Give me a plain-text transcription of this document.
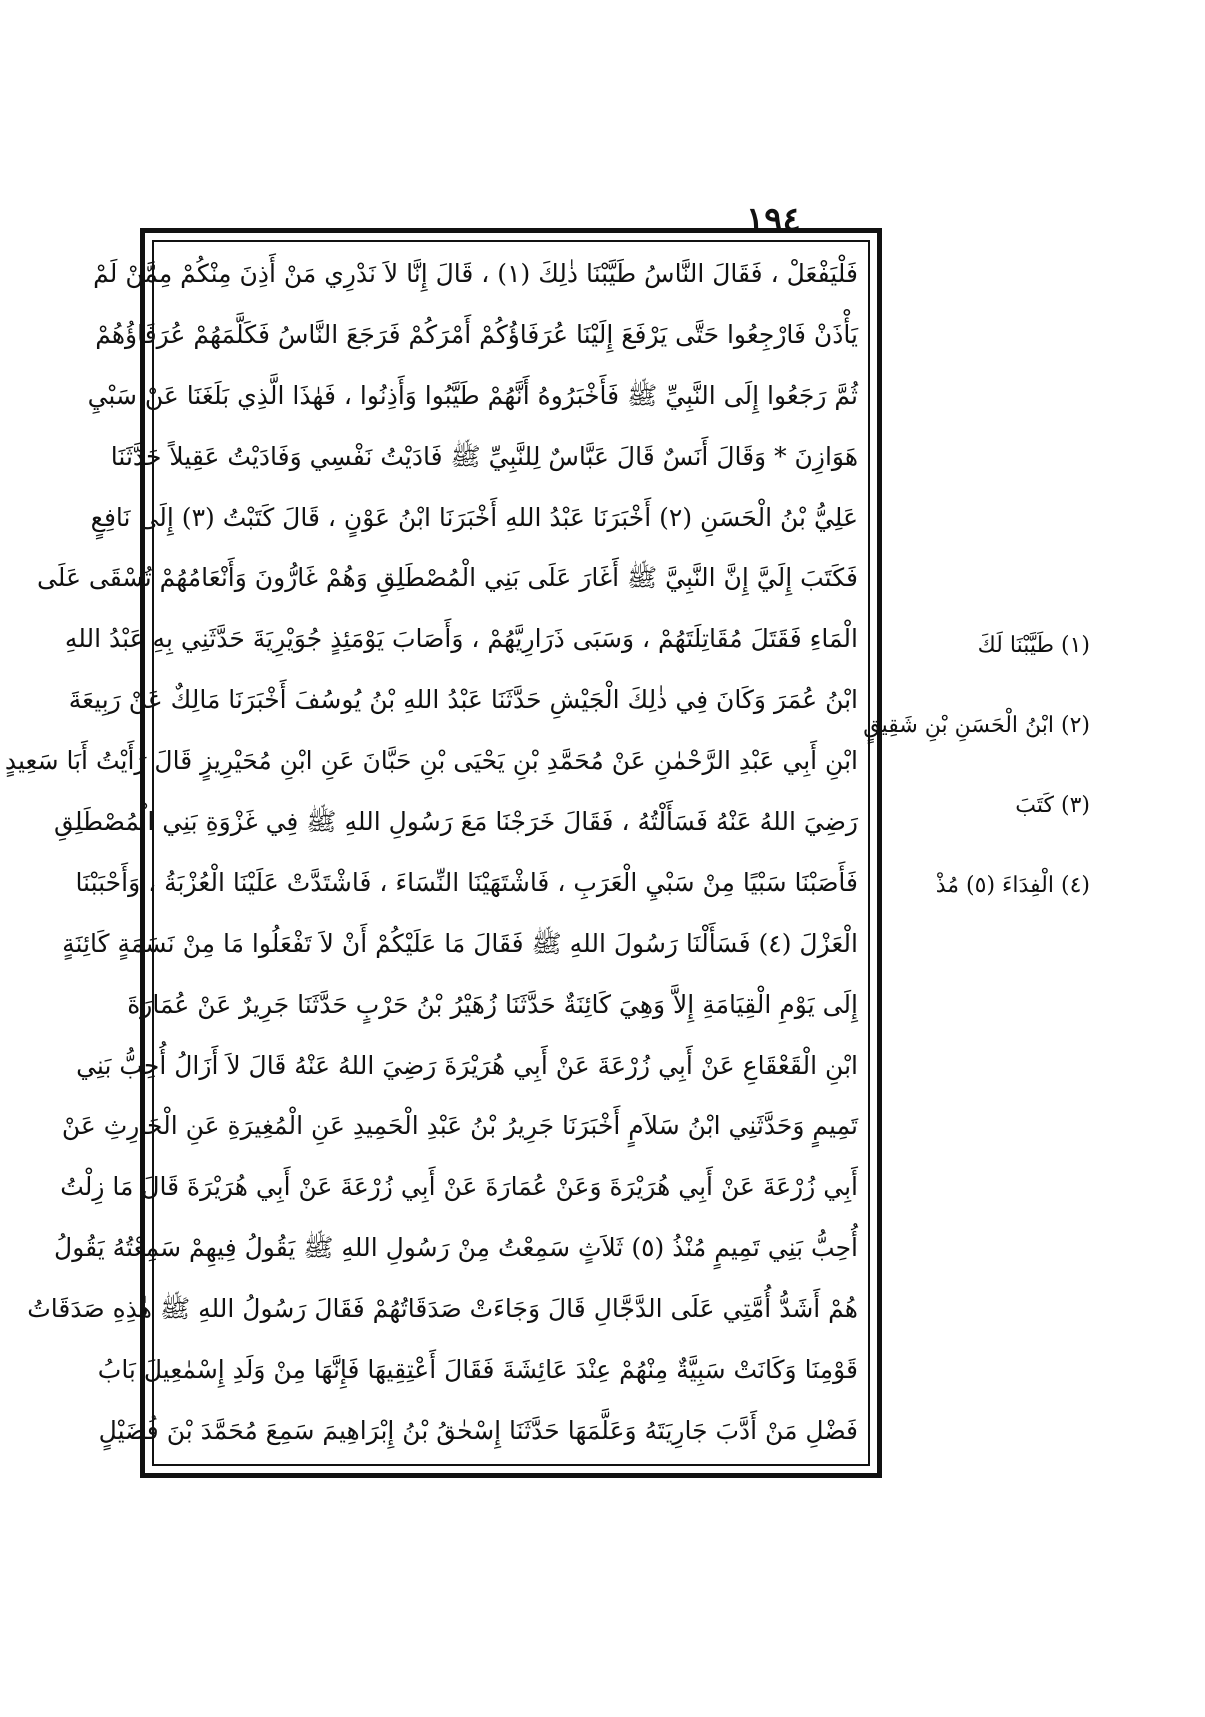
١٩٤
فَلْيَفْعَلْ ، فَقَالَ النَّاسُ طَيَّبْنَا ذٰلِكَ (١) ، قَالَ إِنَّا لاَ نَدْرِي مَنْ أَذِنَ مِنْكُمْ مِمَّنْ لَمْ
يَأْذَنْ فَارْجِعُوا حَتَّى يَرْفَعَ إِلَيْنَا عُرَفَاؤُكُمْ أَمْرَكُمْ فَرَجَعَ النَّاسُ فَكَلَّمَهُمْ عُرَفَاؤُهُمْ
ثُمَّ رَجَعُوا إِلَى النَّبِيِّ ﷺ فَأَخْبَرُوهُ أَنَّهُمْ طَيَّبُوا وَأَذِنُوا ، فَهٰذَا الَّذِي بَلَغَنَا عَنْ سَبْيِ
هَوَازِنَ * وَقَالَ أَنَسٌ قَالَ عَبَّاسٌ لِلنَّبِيِّ ﷺ فَادَيْتُ نَفْسِي وَفَادَيْتُ عَقِيلاً حَدَّثَنَا
عَلِيُّ بْنُ الْحَسَنِ (٢) أَخْبَرَنَا عَبْدُ اللهِ أَخْبَرَنَا ابْنُ عَوْنٍ ، قَالَ كَتَبْتُ (٣) إِلَى نَافِعٍ
فَكَتَبَ إِلَيَّ إِنَّ النَّبِيَّ ﷺ أَغَارَ عَلَى بَنِي الْمُصْطَلِقِ وَهُمْ غَارُّونَ وَأَنْعَامُهُمْ تُسْقَى عَلَى
الْمَاءِ فَقَتَلَ مُقَاتِلَتَهُمْ ، وَسَبَى ذَرَارِيَّهُمْ ، وَأَصَابَ يَوْمَئِذٍ جُوَيْرِيَةَ حَدَّثَنِي بِهِ عَبْدُ اللهِ
ابْنُ عُمَرَ وَكَانَ فِي ذٰلِكَ الْجَيْشِ حَدَّثَنَا عَبْدُ اللهِ بْنُ يُوسُفَ أَخْبَرَنَا مَالِكٌ عَنْ رَبِيعَةَ
ابْنِ أَبِي عَبْدِ الرَّحْمٰنِ عَنْ مُحَمَّدِ بْنِ يَحْيَى بْنِ حَبَّانَ عَنِ ابْنِ مُحَيْرِيزٍ قَالَ رَأَيْتُ أَبَا سَعِيدٍ
رَضِيَ اللهُ عَنْهُ فَسَأَلْتُهُ ، فَقَالَ خَرَجْنَا مَعَ رَسُولِ اللهِ ﷺ فِي غَزْوَةِ بَنِي الْمُصْطَلِقِ
فَأَصَبْنَا سَبْيًا مِنْ سَبْيِ الْعَرَبِ ، فَاشْتَهَيْنَا النِّسَاءَ ، فَاشْتَدَّتْ عَلَيْنَا الْعُزْبَةُ ، وَأَحْبَبْنَا
الْعَزْلَ (٤) فَسَأَلْنَا رَسُولَ اللهِ ﷺ فَقَالَ مَا عَلَيْكُمْ أَنْ لاَ تَفْعَلُوا مَا مِنْ نَسَمَةٍ كَائِنَةٍ
إِلَى يَوْمِ الْقِيَامَةِ إِلاَّ وَهِيَ كَائِنَةٌ حَدَّثَنَا زُهَيْرُ بْنُ حَرْبٍ حَدَّثَنَا جَرِيرٌ عَنْ عُمَارَةَ
ابْنِ الْقَعْقَاعِ عَنْ أَبِي زُرْعَةَ عَنْ أَبِي هُرَيْرَةَ رَضِيَ اللهُ عَنْهُ قَالَ لاَ أَزَالُ أُحِبُّ بَنِي
تَمِيمٍ وَحَدَّثَنِي ابْنُ سَلاَمٍ أَخْبَرَنَا جَرِيرُ بْنُ عَبْدِ الْحَمِيدِ عَنِ الْمُغِيرَةِ عَنِ الْحَارِثِ عَنْ
أَبِي زُرْعَةَ عَنْ أَبِي هُرَيْرَةَ وَعَنْ عُمَارَةَ عَنْ أَبِي زُرْعَةَ عَنْ أَبِي هُرَيْرَةَ قَالَ مَا زِلْتُ
أُحِبُّ بَنِي تَمِيمٍ مُنْذُ (٥) ثَلاَثٍ سَمِعْتُ مِنْ رَسُولِ اللهِ ﷺ يَقُولُ فِيهِمْ سَمِعْتُهُ يَقُولُ
هُمْ أَشَدُّ أُمَّتِي عَلَى الدَّجَّالِ قَالَ وَجَاءَتْ صَدَقَاتُهُمْ فَقَالَ رَسُولُ اللهِ ﷺ هٰذِهِ صَدَقَاتُ
قَوْمِنَا وَكَانَتْ سَبِيَّةٌ مِنْهُمْ عِنْدَ عَائِشَةَ فَقَالَ أَعْتِقِيهَا فَإِنَّهَا مِنْ وَلَدِ إِسْمٰعِيلَ بَابُ
فَضْلِ مَنْ أَدَّبَ جَارِيَتَهُ وَعَلَّمَهَا حَدَّثَنَا إِسْحٰقُ بْنُ إِبْرَاهِيمَ سَمِعَ مُحَمَّدَ بْنَ فُضَيْلٍ
(١) طَيَّبْنَا لَكَ
(٢) ابْنُ الْحَسَنِ بْنِ شَقِيقٍ
(٣) كَتَبَ
(٤) الْفِدَاءَ (٥) مُذْ
